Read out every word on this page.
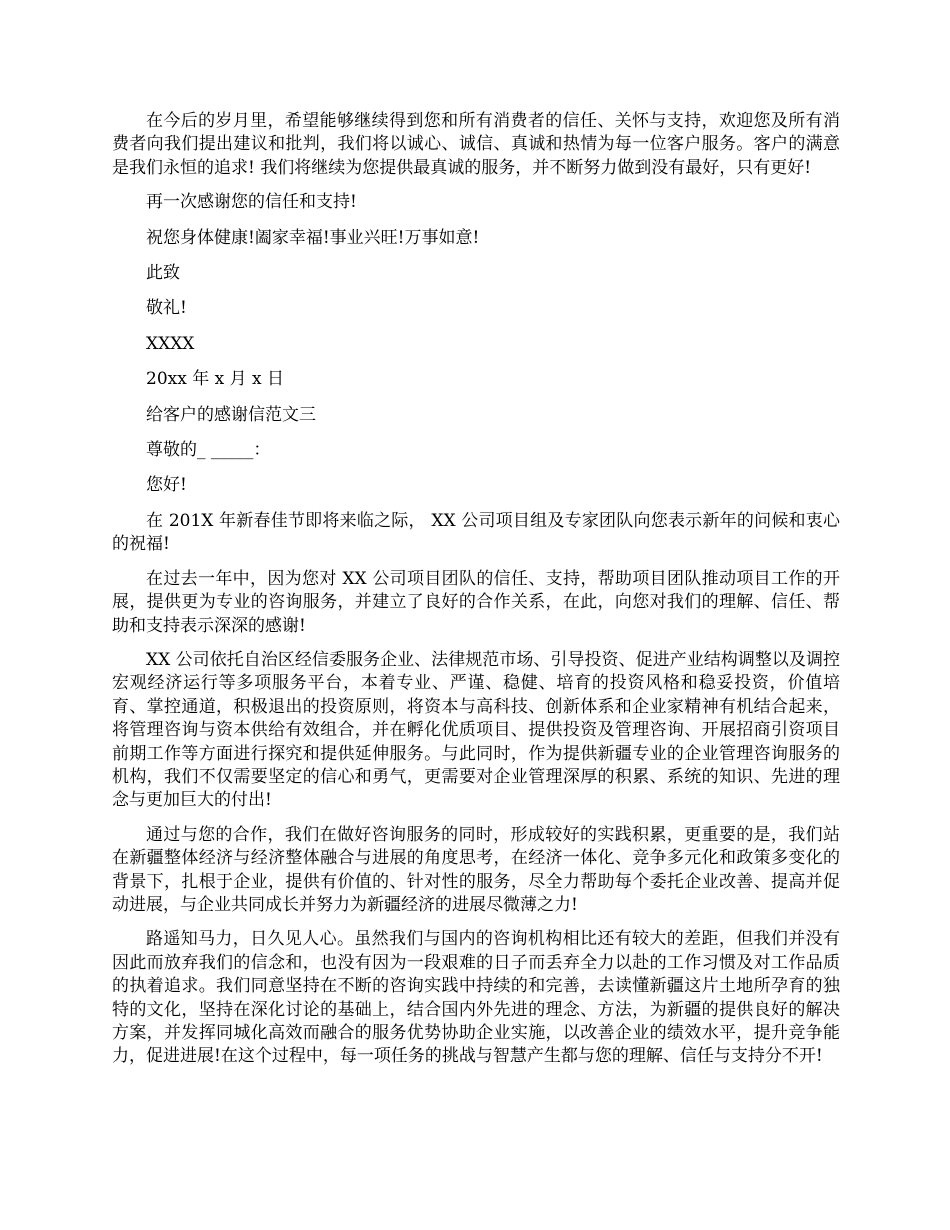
在今后的岁月里，希望能够继续得到您和所有消费者的信任、关怀与支持，欢迎您及所有消费者向我们提出建议和批判，我们将以诚心、诚信、真诚和热情为每一位客户服务。客户的满意是我们永恒的追求! 我们将继续为您提供最真诚的服务，并不断努力做到没有最好，只有更好!

再一次感谢您的信任和支持!

祝您身体健康!阖家幸福!事业兴旺!万事如意!

此致

敬礼!

XXXX

20xx 年 x 月 x 日

给客户的感谢信范文三

尊敬的_ _____：

您好!

在 201X 年新春佳节即将来临之际， XX 公司项目组及专家团队向您表示新年的问候和衷心的祝福!

在过去一年中，因为您对 XX 公司项目团队的信任、支持，帮助项目团队推动项目工作的开展，提供更为专业的咨询服务，并建立了良好的合作关系，在此，向您对我们的理解、信任、帮助和支持表示深深的感谢!

XX 公司依托自治区经信委服务企业、法律规范市场、引导投资、促进产业结构调整以及调控宏观经济运行等多项服务平台，本着专业、严谨、稳健、培育的投资风格和稳妥投资，价值培育、掌控通道，积极退出的投资原则，将资本与高科技、创新体系和企业家精神有机结合起来，将管理咨询与资本供给有效组合，并在孵化优质项目、提供投资及管理咨询、开展招商引资项目前期工作等方面进行探究和提供延伸服务。与此同时，作为提供新疆专业的企业管理咨询服务的机构，我们不仅需要坚定的信心和勇气，更需要对企业管理深厚的积累、系统的知识、先进的理念与更加巨大的付出!

通过与您的合作，我们在做好咨询服务的同时，形成较好的实践积累，更重要的是，我们站在新疆整体经济与经济整体融合与进展的角度思考，在经济一体化、竞争多元化和政策多变化的背景下，扎根于企业，提供有价值的、针对性的服务，尽全力帮助每个委托企业改善、提高并促动进展，与企业共同成长并努力为新疆经济的进展尽微薄之力!

路遥知马力，日久见人心。虽然我们与国内的咨询机构相比还有较大的差距，但我们并没有因此而放弃我们的信念和，也没有因为一段艰难的日子而丢弃全力以赴的工作习惯及对工作品质的执着追求。我们同意坚持在不断的咨询实践中持续的和完善，去读懂新疆这片土地所孕育的独特的文化，坚持在深化讨论的基础上，结合国内外先进的理念、方法，为新疆的提供良好的解决方案，并发挥同城化高效而融合的服务优势协助企业实施，以改善企业的绩效水平，提升竞争能力，促进进展!在这个过程中，每一项任务的挑战与智慧产生都与您的理解、信任与支持分不开!
